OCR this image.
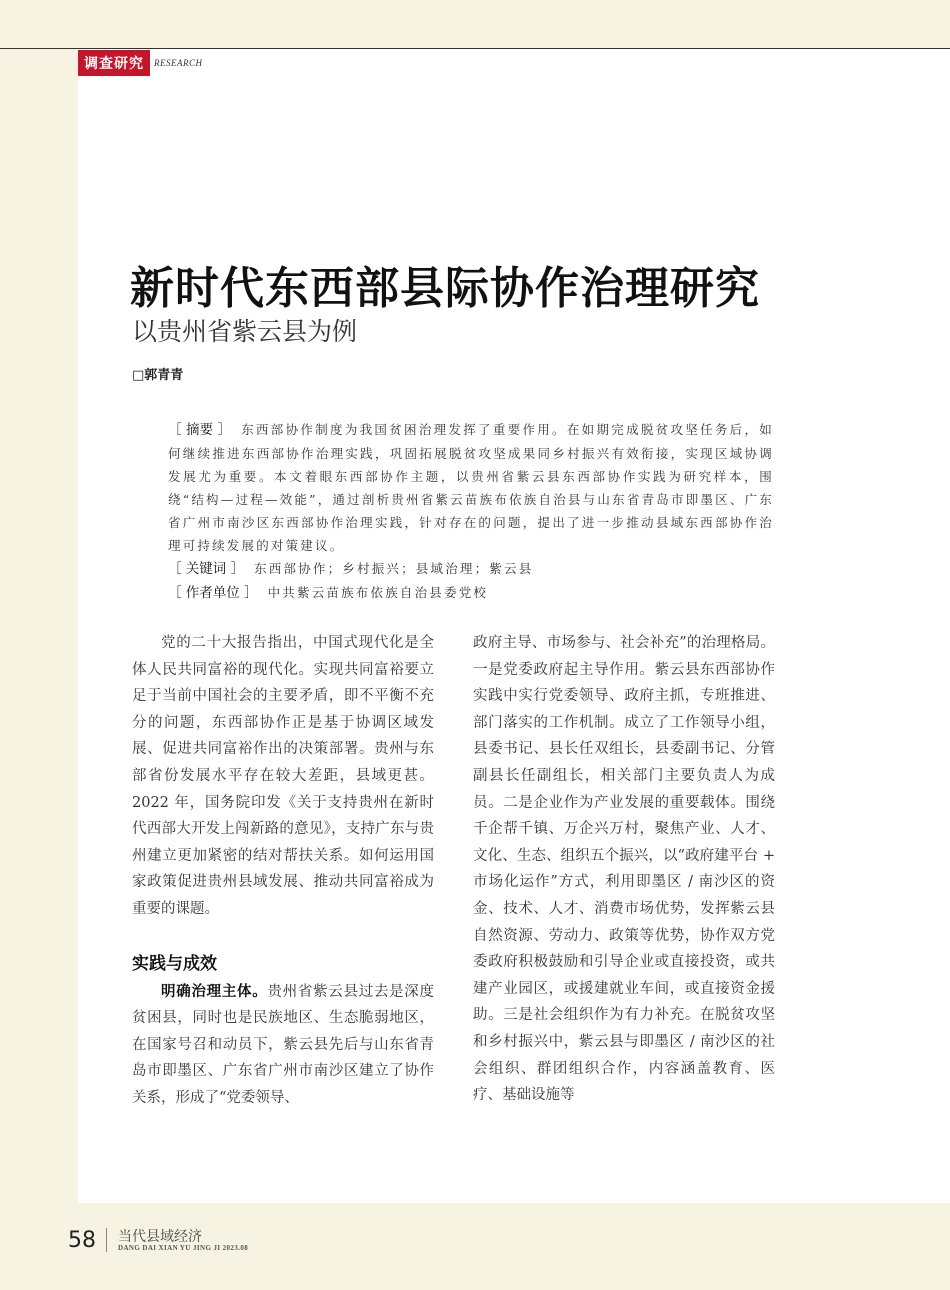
调查研究	RESEARCH
新时代东西部县际协作治理研究
以贵州省紫云县为例
□郭青青

［ 摘要 ］ 东西部协作制度为我国贫困治理发挥了重要作用。在如期完成脱贫攻坚任务后，如何继续推进东西部协作治理实践，巩固拓展脱贫攻坚成果同乡村振兴有效衔接，实现区域协调发展尤为重要。本文着眼东西部协作主题，以贵州省紫云县东西部协作实践为研究样本，围绕“结构—过程—效能”，通过剖析贵州省紫云苗族布依族自治县与山东省青岛市即墨区、广东省广州市南沙区东西部协作治理实践，针对存在的问题，提出了进一步推动县域东西部协作治理可持续发展的对策建议。

［ 关键词 ］ 东西部协作；乡村振兴；县域治理；紫云县

［ 作者单位 ］ 中共紫云苗族布依族自治县委党校

党的二十大报告指出，中国式现代化是全体人民共同富裕的现代化。实现共同富裕要立足于当前中国社会的主要矛盾，即不平衡不充分的问题，东西部协作正是基于协调区域发展、促进共同富裕作出的决策部署。贵州与东部省份发展水平存在较大差距，县域更甚。2022 年，国务院印发《关于支持贵州在新时代西部大开发上闯新路的意见》，支持广东与贵州建立更加紧密的结对帮扶关系。如何运用国家政策促进贵州县域发展、推动共同富裕成为重要的课题。

实践与成效

明确治理主体。贵州省紫云县过去是深度贫困县，同时也是民族地区、生态脆弱地区，在国家号召和动员下，紫云县先后与山东省青岛市即墨区、广东省广州市南沙区建立了协作关系，形成了“党委领导、

政府主导、市场参与、社会补充”的治理格局。一是党委政府起主导作用。紫云县东西部协作实践中实行党委领导、政府主抓，专班推进、部门落实的工作机制。成立了工作领导小组，县委书记、县长任双组长，县委副书记、分管副县长任副组长，相关部门主要负责人为成员。二是企业作为产业发展的重要载体。围绕千企帮千镇、万企兴万村，聚焦产业、人才、文化、生态、组织五个振兴，以“政府建平台 + 市场化运作”方式，利用即墨区 / 南沙区的资金、技术、人才、消费市场优势，发挥紫云县自然资源、劳动力、政策等优势，协作双方党委政府积极鼓励和引导企业或直接投资，或共建产业园区，或援建就业车间，或直接资金援助。三是社会组织作为有力补充。在脱贫攻坚和乡村振兴中，紫云县与即墨区 / 南沙区的社会组织、群团组织合作，内容涵盖教育、医疗、基础设施等

58 当代县域经济
DANG DAI XIAN YU JING JI 2023.08
